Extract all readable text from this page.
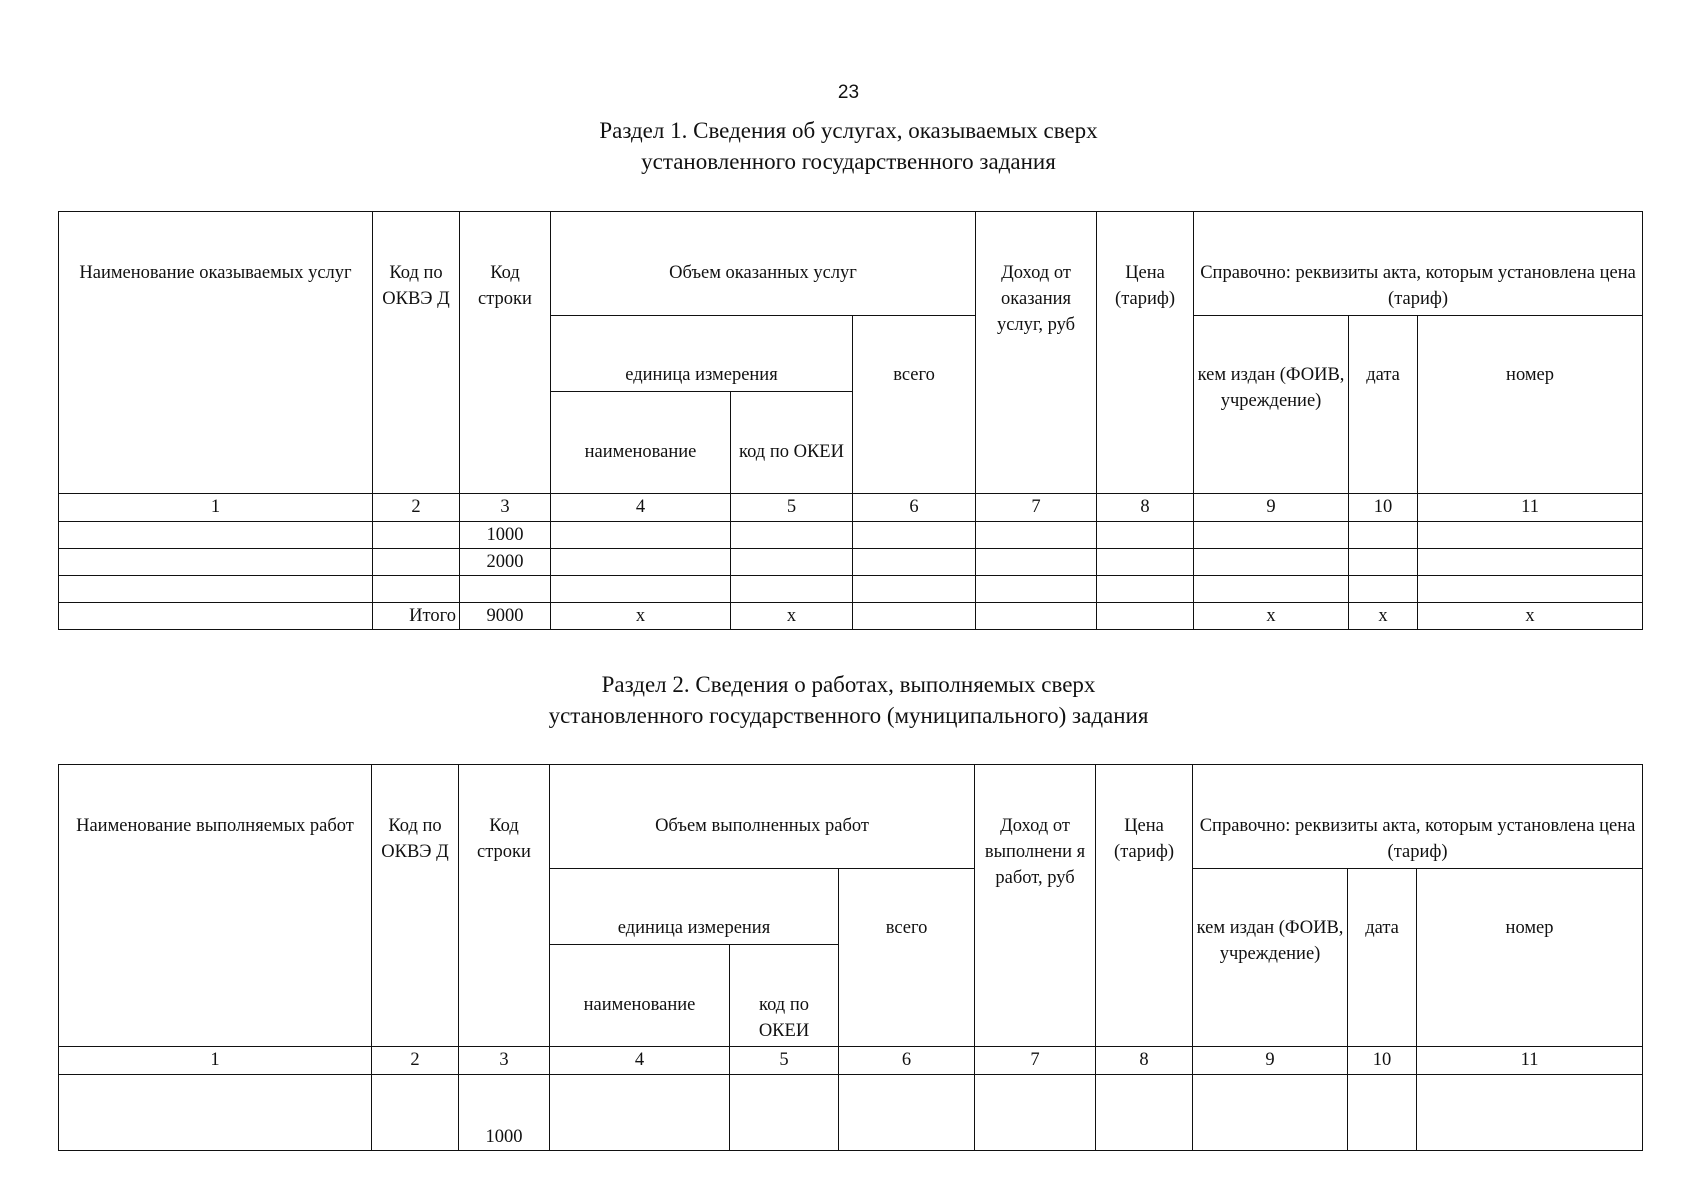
23
Раздел 1. Сведения об услугах, оказываемых сверх
установленного государственного задания
Наименование оказываемых услуг	Код по ОКВЭ Д	Код строки	Объем оказанных услуг			Доход от оказания услуг, руб	Цена (тариф)	Справочно: реквизиты акта, которым установлена цена (тариф)		
			единица измерения		всего			кем издан (ФОИВ, учреждение)	дата	номер
			наименование	код по ОКЕИ						
1	2	3	4	5	6	7	8	9	10	11
		1000								
		2000								

	Итого	9000	х	х				х	х	х
Раздел 2. Сведения о работах, выполняемых сверх
установленного государственного (муниципального) задания
Наименование выполняемых работ	Код по ОКВЭ Д	Код строки	Объем выполненных работ			Доход от выполнени я работ, руб	Цена (тариф)	Справочно: реквизиты акта, которым установлена цена (тариф)		
			единица измерения		всего			кем издан (ФОИВ, учреждение)	дата	номер
			наименование	код по ОКЕИ						
1	2	3	4	5	6	7	8	9	10	11
		1000								
